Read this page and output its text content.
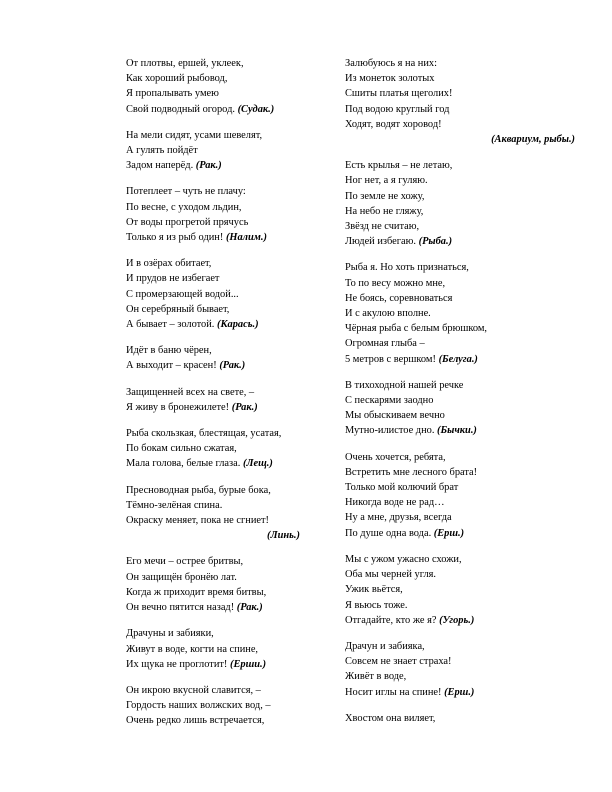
От плотвы, ершей, уклеек,
Как хороший рыбовод,
Я пропалывать умею
Свой подводный огород. (Судак.)
На мели сидят, усами шевелят,
А гулять пойдёт
Задом наперёд. (Рак.)
Потеплеет – чуть не плачу:
По весне, с уходом льдин,
От воды прогретой прячусь
Только я из рыб один! (Налим.)
И в озёрах обитает,
И прудов не избегает
С промерзающей водой...
Он серебряный бывает,
А бывает – золотой. (Карась.)
Идёт в баню чёрен,
А выходит – красен! (Рак.)
Защищенней всех на свете, –
Я живу в бронежилете! (Рак.)
Рыба скользкая, блестящая, усатая,
По бокам сильно сжатая,
Мала голова, белые глаза. (Лещ.)
Пресноводная рыба, бурые бока,
Тёмно-зелёная спина.
Окраску меняет, пока не сгниет!
(Линь.)
Его мечи – острее бритвы,
Он защищён бронёю лат.
Когда ж приходит время битвы,
Он вечно пятится назад! (Рак.)
Драчуны и забияки,
Живут в воде, когти на спине,
Их щука не проглотит! (Ерши.)
Он икрою вкусной славится, –
Гордость наших волжских вод, –
Очень редко лишь встречается,
Залюбуюсь я на них:
Из монеток золотых
Сшиты платья щеголих!
Под водою круглый год
Ходят, водят хоровод!
(Аквариум, рыбы.)
Есть крылья – не летаю,
Ног нет, а я гуляю.
По земле не хожу,
На небо не гляжу,
Звёзд не считаю,
Людей избегаю. (Рыба.)
Рыба я. Но хоть признаться,
То по весу можно мне,
Не боясь, соревноваться
И с акулою вполне.
Чёрная рыба с белым брюшком,
Огромная глыба –
5 метров с вершком! (Белуга.)
В тихоходной нашей речке
С пескарями заодно
Мы обыскиваем вечно
Мутно-илистое дно. (Бычки.)
Очень хочется, ребята,
Встретить мне лесного брата!
Только мой колючий брат
Никогда воде не рад…
Ну а мне, друзья, всегда
По душе одна вода. (Ерш.)
Мы с ужом ужасно схожи,
Оба мы черней угля.
Ужик вьётся,
Я вьюсь тоже.
Отгадайте, кто же я? (Угорь.)
Драчун и забияка,
Совсем не знает страха!
Живёт в воде,
Носит иглы на спине! (Ерш.)
Хвостом она виляет,
